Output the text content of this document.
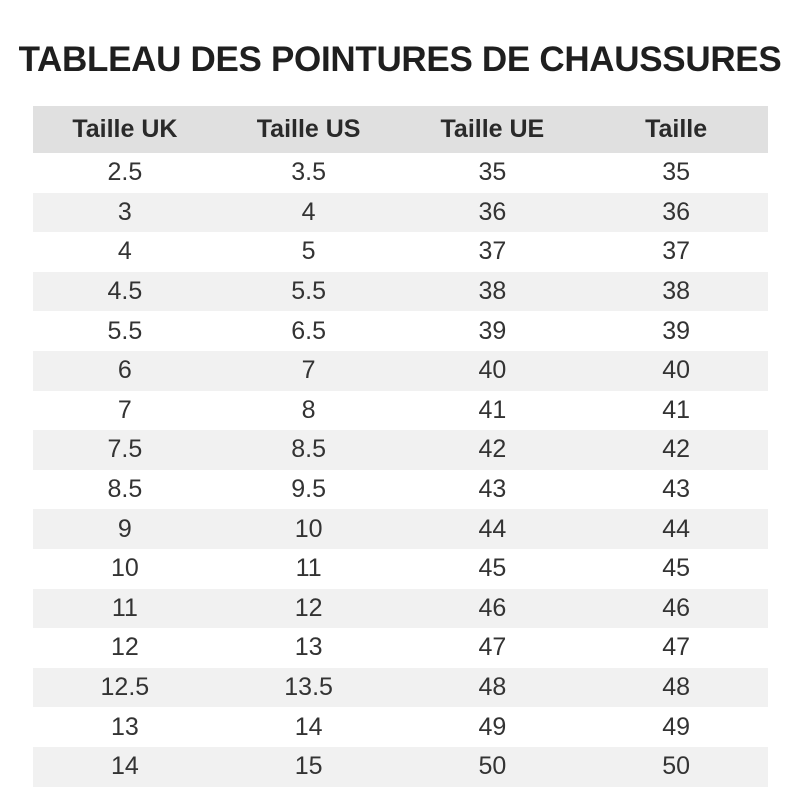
TABLEAU DES POINTURES DE CHAUSSURES
Taille UK	Taille US	Taille UE	Taille
2.5	3.5	35	35
3	4	36	36
4	5	37	37
4.5	5.5	38	38
5.5	6.5	39	39
6	7	40	40
7	8	41	41
7.5	8.5	42	42
8.5	9.5	43	43
9	10	44	44
10	11	45	45
11	12	46	46
12	13	47	47
12.5	13.5	48	48
13	14	49	49
14	15	50	50
